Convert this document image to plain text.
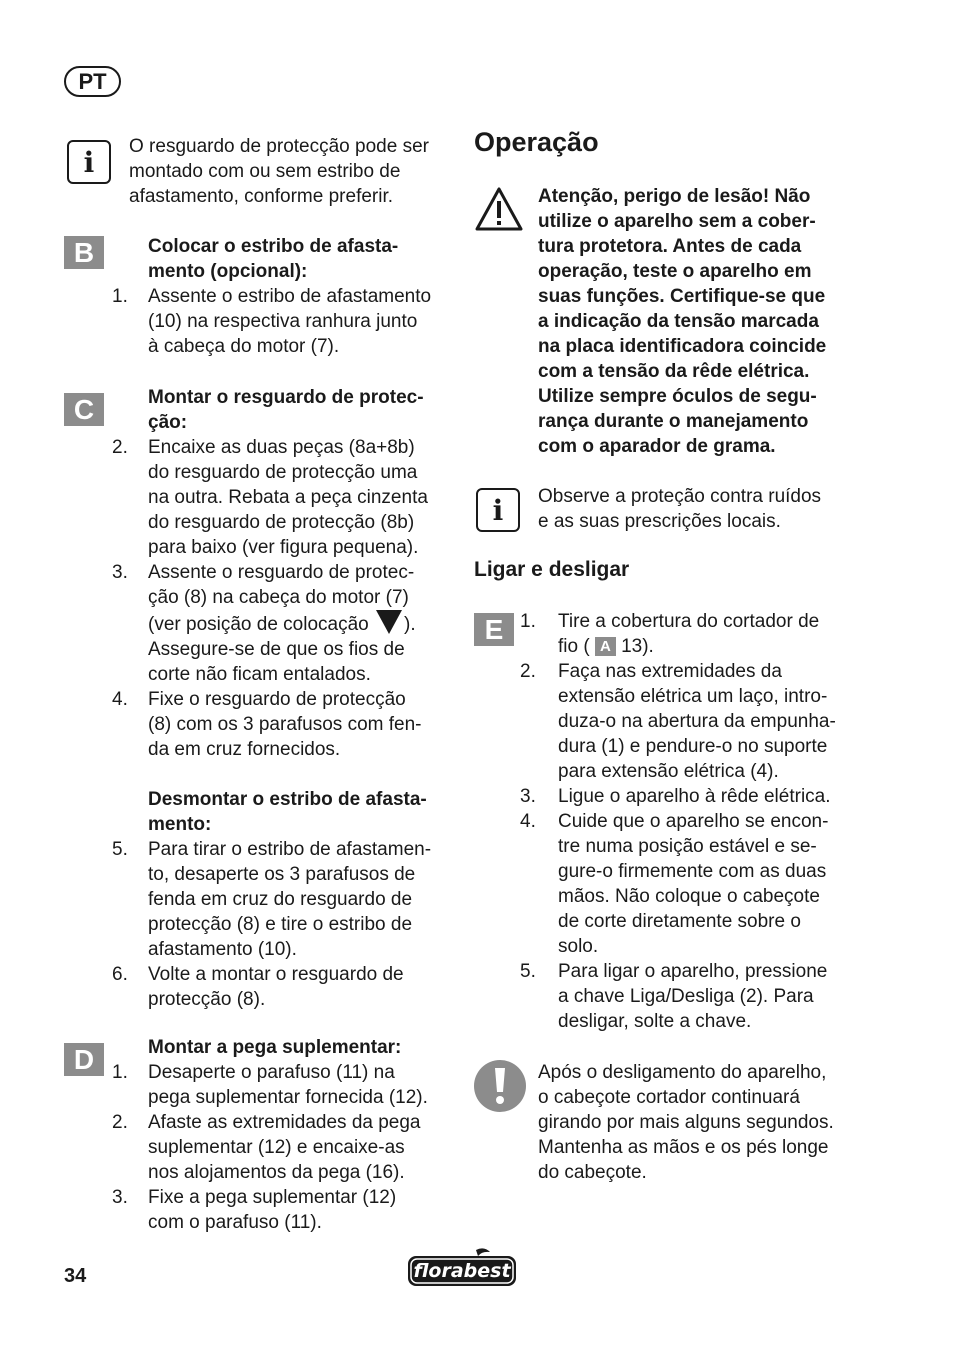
PT
i	O resguardo de protecção pode ser

montado com ou sem estribo de

afastamento, conforme preferir.

B	Colocar o estribo de afasta-

mento (opcional):

1.	Assente o estribo de afastamento

(10) na respectiva ranhura junto

à cabeça do motor (7).

C	Montar o resguardo de protec-

ção:

2.	Encaixe as duas peças (8a+8b)

do resguardo de protecção uma

na outra. Rebata a peça cinzenta

do resguardo de protecção (8b)

para baixo (ver figura pequena).

3.	Assente o resguardo de protec-

ção (8) na cabeça do motor (7)

(ver posição de colocação ).

Assegure-se de que os fios de

corte não ficam entalados.

4.	Fixe o resguardo de protecção

(8) com os 3 parafusos com fen-

da em cruz fornecidos.

Desmontar o estribo de afasta-

mento:

5.	Para tirar o estribo de afastamen-

to, desaperte os 3 parafusos de

fenda em cruz do resguardo de

protecção (8) e tire o estribo de

afastamento (10).

6.	Volte a montar o resguardo de

protecção (8).

D	Montar a pega suplementar:

1.	Desaperte o parafuso (11) na

pega suplementar fornecida (12).

2.	Afaste as extremidades da pega

suplementar (12) e encaixe-as

nos alojamentos da pega (16).

3.	Fixe a pega suplementar (12)

com o parafuso (11).

Operação

Atenção, perigo de lesão! Não

utilize o aparelho sem a cober-

tura protetora. Antes de cada

operação, teste o aparelho em

suas funções. Certifique-se que

a indicação da tensão marcada

na placa identificadora coincide

com a tensão da rêde elétrica.

Utilize sempre óculos de segu-

rança durante o manejamento

com o aparador de grama.

i	Observe a proteção contra ruídos

e as suas prescrições locais.

Ligar e desligar
E 1. Tire a cobertura do cortador de

fio ( A 13).

2. Faça nas extremidades da

extensão elétrica um laço, intro-

duza-o na abertura da empunha-

dura (1) e pendure-o no suporte

para extensão elétrica (4).

3. Ligue o aparelho à rêde elétrica.

4. Cuide que o aparelho se encon-

tre numa posição estável e se-

gure-o firmemente com as duas

mãos. Não coloque o cabeçote

de corte diretamente sobre o

solo.

5. Para ligar o aparelho, pressione

a chave Liga/Desliga (2). Para

desligar, solte a chave.

Após o desligamento do aparelho,

o cabeçote cortador continuará

girando por mais alguns segundos.

Mantenha as mãos e os pés longe

do cabeçote.

34	florabest
